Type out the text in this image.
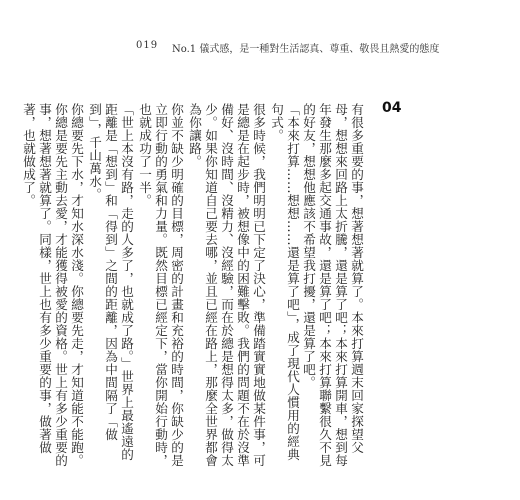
019 No.1 儀式感，是一種對生活認真、尊重、敬畏且熱愛的態度
04

有很多重要的事，想著想著就算了。本來打算週末回家探望父母，想想來回路上太折騰，還是算了吧；本來打算開車，想到每年發生那麼多起交通事故，還是算了吧；本來打算聯繫很久不見的好友，想想他應該不希望我打擾，還是算了吧。

「本來打算……想想……還是算了吧」，成了現代人慣用的經典句式。

很多時候，我們明明已下定了決心，準備踏實實地做某件事，可是總是在起步時，被想像中的困難擊敗。我們的問題不在於沒準備好、沒時間、沒精力、沒經驗，而在於總是想得太多，做得太少。如果你知道自己要去哪，並且已經在路上，那麼全世界都會為你讓路。

你並不缺少明確的目標，周密的計畫和充裕的時間，你缺少的是立即行動的勇氣和力量。既然目標已經定下，當你開始行動時，也就成功了一半。

「世上本沒有路，走的人多了，也就成了路。」世界上最遙遠的距離是「想到」和「得到」之間的距離，因為中間隔了「做到」，千山萬水。

你總要先下水，才知水深水淺。你總要先走，才知道能不能跑。你總是要先主動去愛，才能獲得被愛的資格。世上有多少重要的事，想著想著就算了。同樣，世上也有多少重要的事，做著做著，也就做成了。
